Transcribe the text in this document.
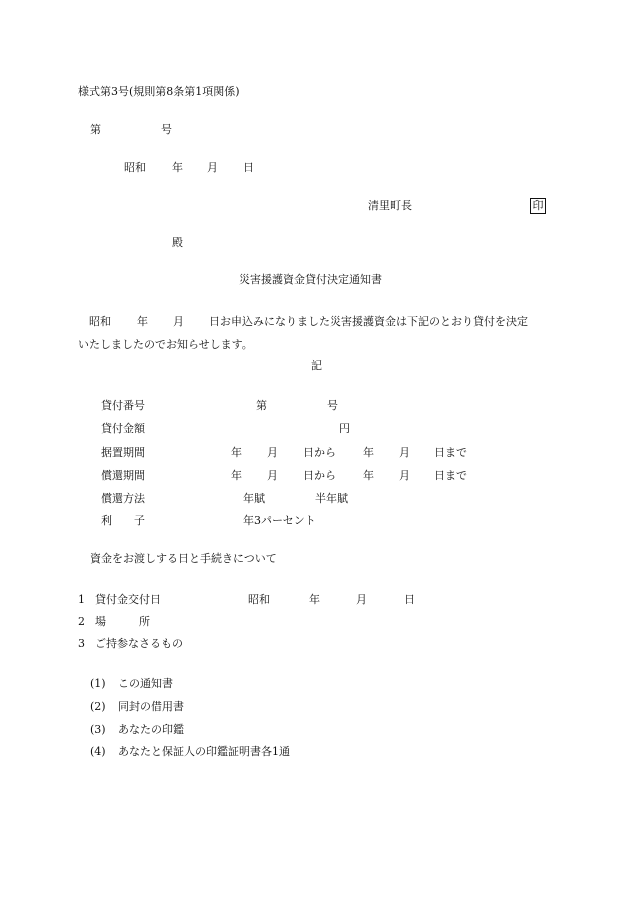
様式第3号(規則第8条第1項関係)
第	号
昭和 年 月 日
清里町長	印
殿
災害援護資金貸付決定通知書
昭和 年 月 日お申込みになりました災害援護資金は下記のとおり貸付を決定
いたしましたのでお知らせします。
記
貸付番号	第	号
貸付金額	円
据置期間	年 月 日から 年 月 日まで
償還期間	年 月 日から 年 月 日まで
償還方法	年賦	半年賦
利　　子	年3パーセント
資金をお渡しする日と手続きについて
1 貸付金交付日	昭和	年	月	日
2 場　　　所
3 ご持参なさるもの
(1) この通知書
(2) 同封の借用書
(3) あなたの印鑑
(4) あなたと保証人の印鑑証明書各1通
